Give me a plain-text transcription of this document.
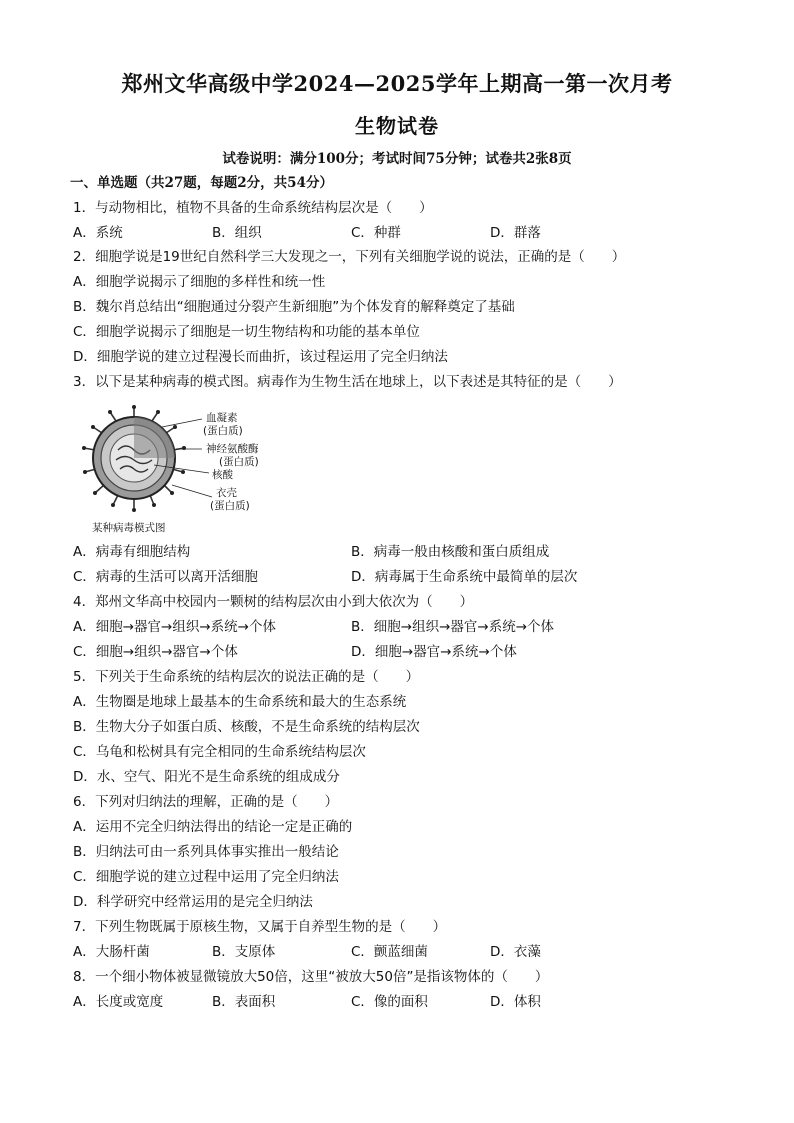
郑州文华高级中学2024—2025学年上期高一第一次月考
生物试卷
试卷说明：满分100分；考试时间75分钟；试卷共2张8页
一、单选题（共27题，每题2分，共54分）
1．与动物相比，植物不具备的生命系统结构层次是（　　）
A．系统	B．组织	C．种群	D．群落
2．细胞学说是19世纪自然科学三大发现之一，下列有关细胞学说的说法，正确的是（　　）
A．细胞学说揭示了细胞的多样性和统一性
B．魏尔肖总结出“细胞通过分裂产生新细胞”为个体发育的解释奠定了基础
C．细胞学说揭示了细胞是一切生物结构和功能的基本单位
D．细胞学说的建立过程漫长而曲折，该过程运用了完全归纳法
3．以下是某种病毒的模式图。病毒作为生物生活在地球上，以下表述是其特征的是（　　）
血凝素
(蛋白质)
神经氨酸酶
(蛋白质)
核酸
衣壳
(蛋白质)
某种病毒模式图
A．病毒有细胞结构	B．病毒一般由核酸和蛋白质组成
C．病毒的生活可以离开活细胞	D．病毒属于生命系统中最简单的层次
4．郑州文华高中校园内一颗树的结构层次由小到大依次为（　　）
A．细胞→器官→组织→系统→个体	B．细胞→组织→器官→系统→个体
C．细胞→组织→器官→个体	D．细胞→器官→系统→个体
5．下列关于生命系统的结构层次的说法正确的是（　　）
A．生物圈是地球上最基本的生命系统和最大的生态系统
B．生物大分子如蛋白质、核酸，不是生命系统的结构层次
C．乌龟和松树具有完全相同的生命系统结构层次
D．水、空气、阳光不是生命系统的组成成分
6．下列对归纳法的理解，正确的是（　　）
A．运用不完全归纳法得出的结论一定是正确的
B．归纳法可由一系列具体事实推出一般结论
C．细胞学说的建立过程中运用了完全归纳法
D．科学研究中经常运用的是完全归纳法
7．下列生物既属于原核生物，又属于自养型生物的是（　　）
A．大肠杆菌	B．支原体	C．颤蓝细菌	D．衣藻
8．一个细小物体被显微镜放大50倍，这里“被放大50倍”是指该物体的（　　）
A．长度或宽度	B．表面积	C．像的面积	D．体积
